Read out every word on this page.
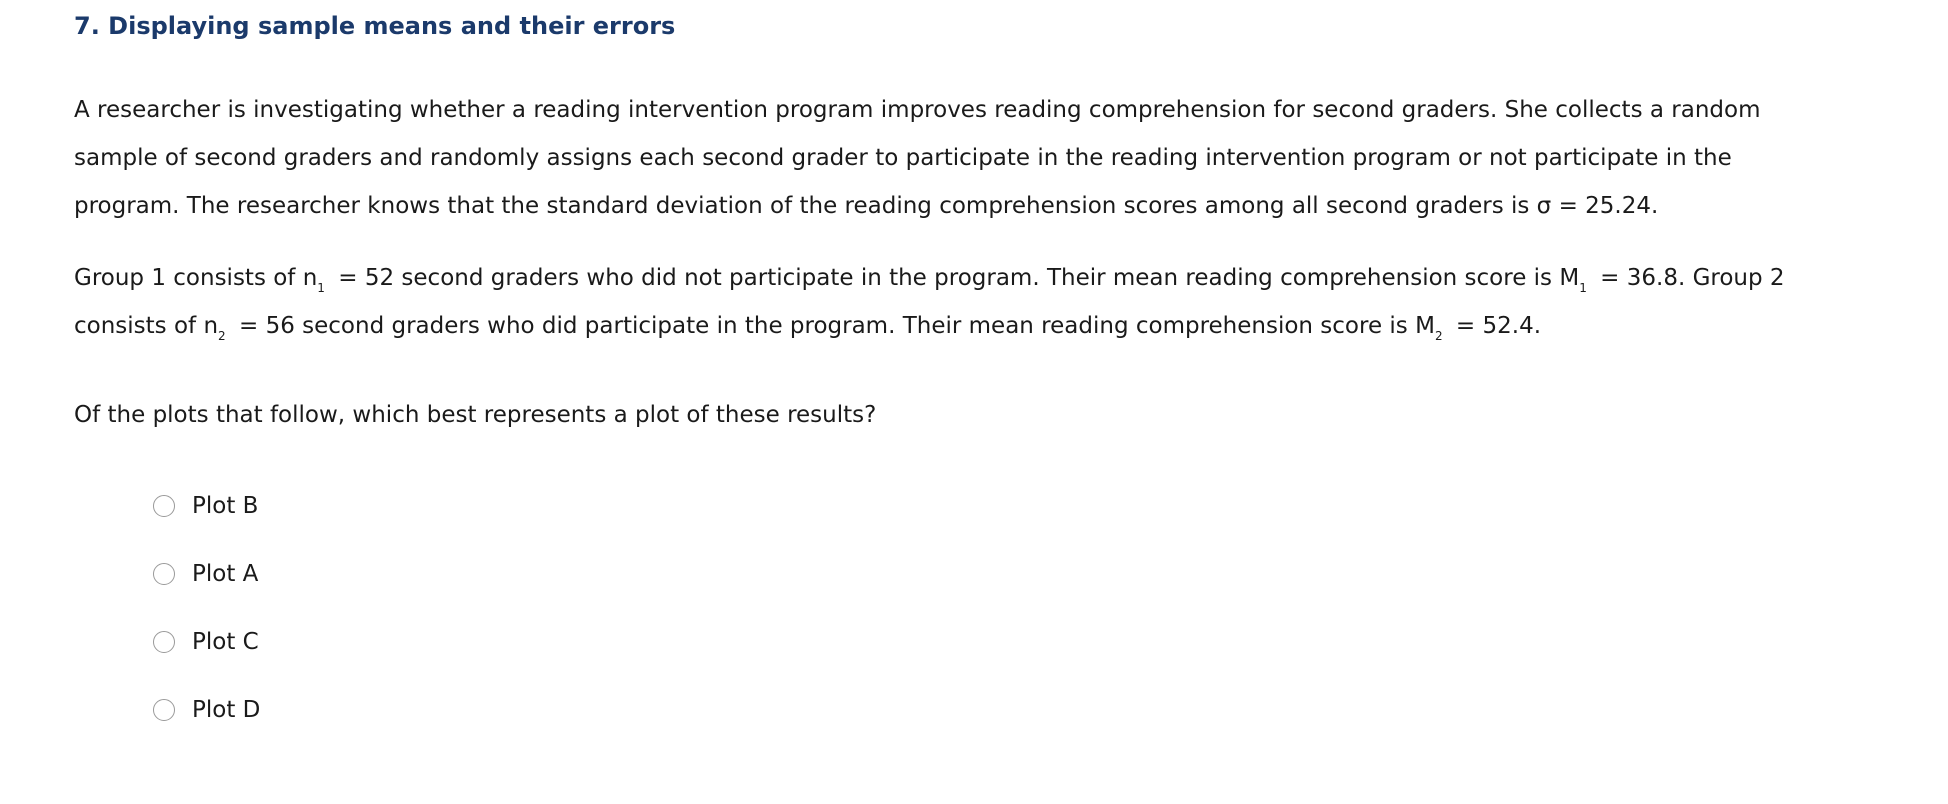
7. Displaying sample means and their errors

A researcher is investigating whether a reading intervention program improves reading comprehension for second graders. She collects a random
sample of second graders and randomly assigns each second grader to participate in the reading intervention program or not participate in the
program. The researcher knows that the standard deviation of the reading comprehension scores among all second graders is σ = 25.24.

Group 1 consists of $n_1 = 52$ second graders who did not participate in the program. Their mean reading comprehension score is $M_1 = 36.8$. Group 2
consists of $n_2 = 56$ second graders who did participate in the program. Their mean reading comprehension score is $M_2 = 52.4$.

Of the plots that follow, which best represents a plot of these results?

Plot B
Plot A
Plot C
Plot D
